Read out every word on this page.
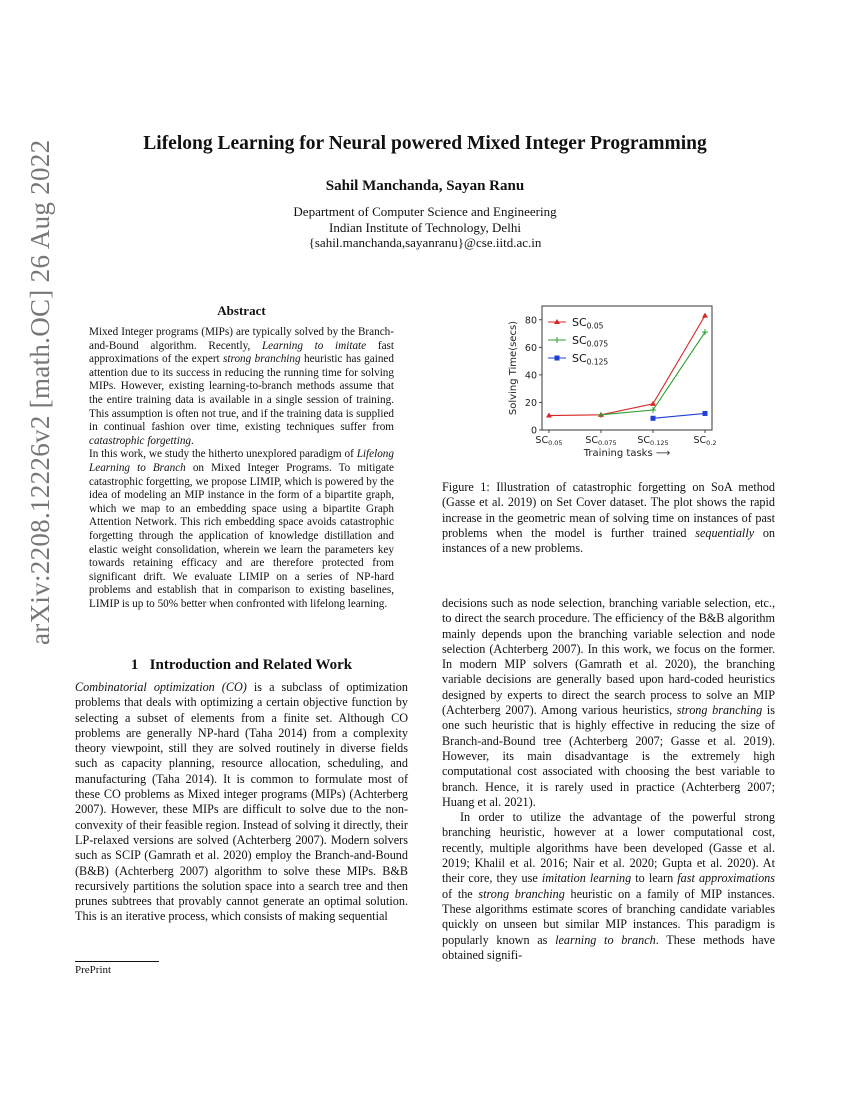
arXiv:2208.12226v2 [math.OC] 26 Aug 2022	Lifelong Learning for Neural powered Mixed Integer Programming
Sahil Manchanda, Sayan Ranu
Department of Computer Science and Engineering
Indian Institute of Technology, Delhi
{sahil.manchanda,sayanranu}@cse.iitd.ac.in
Abstract

Mixed Integer programs (MIPs) are typically solved by the Branch-and-Bound algorithm. Recently, Learning to imitate fast approximations of the expert strong branching heuristic has gained attention due to its success in reducing the running time for solving MIPs. However, existing learning-to-branch methods assume that the entire training data is available in a single session of training. This assumption is often not true, and if the training data is supplied in continual fashion over time, existing techniques suffer from catastrophic forgetting.

In this work, we study the hitherto unexplored paradigm of Lifelong Learning to Branch on Mixed Integer Programs. To mitigate catastrophic forgetting, we propose LIMIP, which is powered by the idea of modeling an MIP instance in the form of a bipartite graph, which we map to an embedding space using a bipartite Graph Attention Network. This rich embedding space avoids catastrophic forgetting through the application of knowledge distillation and elastic weight consolidation, wherein we learn the parameters key towards retaining efficacy and are therefore protected from significant drift. We evaluate LIMIP on a series of NP-hard problems and establish that in comparison to existing baselines, LIMIP is up to 50% better when confronted with lifelong learning.

1 Introduction and Related Work

Combinatorial optimization (CO) is a subclass of optimization problems that deals with optimizing a certain objective function by selecting a subset of elements from a finite set. Although CO problems are generally NP-hard (Taha 2014) from a complexity theory viewpoint, still they are solved routinely in diverse fields such as capacity planning, resource allocation, scheduling, and manufacturing (Taha 2014). It is common to formulate most of these CO problems as Mixed integer programs (MIPs) (Achterberg 2007). However, these MIPs are difficult to solve due to the non-convexity of their feasible region. Instead of solving it directly, their LP-relaxed versions are solved (Achterberg 2007). Modern solvers such as SCIP (Gamrath et al. 2020) employ the Branch-and-Bound (B&B) (Achterberg 2007) algorithm to solve these MIPs. B&B recursively partitions the solution space into a search tree and then prunes subtrees that provably cannot generate an optimal solution. This is an iterative process, which consists of making sequential

0
20
40
60
80
$SC_{0.05}$ $SC_{0.075}$ $SC_{0.125}$	$SC_{0.2}$
Training tasks ⟶
Solving Time(secs)	$SC_{0.05}$
$SC_{0.075}$
$SC_{0.125}$
Figure 1: Illustration of catastrophic forgetting on SoA method (Gasse et al. 2019) on Set Cover dataset. The plot shows the rapid increase in the geometric mean of solving time on instances of past problems when the model is further trained sequentially on instances of a new problems.

decisions such as node selection, branching variable selection, etc., to direct the search procedure. The efficiency of the B&B algorithm mainly depends upon the branching variable selection and node selection (Achterberg 2007). In this work, we focus on the former. In modern MIP solvers (Gamrath et al. 2020), the branching variable decisions are generally based upon hard-coded heuristics designed by experts to direct the search process to solve an MIP (Achterberg 2007). Among various heuristics, strong branching is one such heuristic that is highly effective in reducing the size of Branch-and-Bound tree (Achterberg 2007; Gasse et al. 2019). However, its main disadvantage is the extremely high computational cost associated with choosing the best variable to branch. Hence, it is rarely used in practice (Achterberg 2007; Huang et al. 2021).

In order to utilize the advantage of the powerful strong branching heuristic, however at a lower computational cost, recently, multiple algorithms have been developed (Gasse et al. 2019; Khalil et al. 2016; Nair et al. 2020; Gupta et al. 2020). At their core, they use imitation learning to learn fast approximations of the strong branching heuristic on a family of MIP instances. These algorithms estimate scores of branching candidate variables quickly on unseen but similar MIP instances. This paradigm is popularly known as learning to branch. These methods have obtained signifi-

PrePrint
